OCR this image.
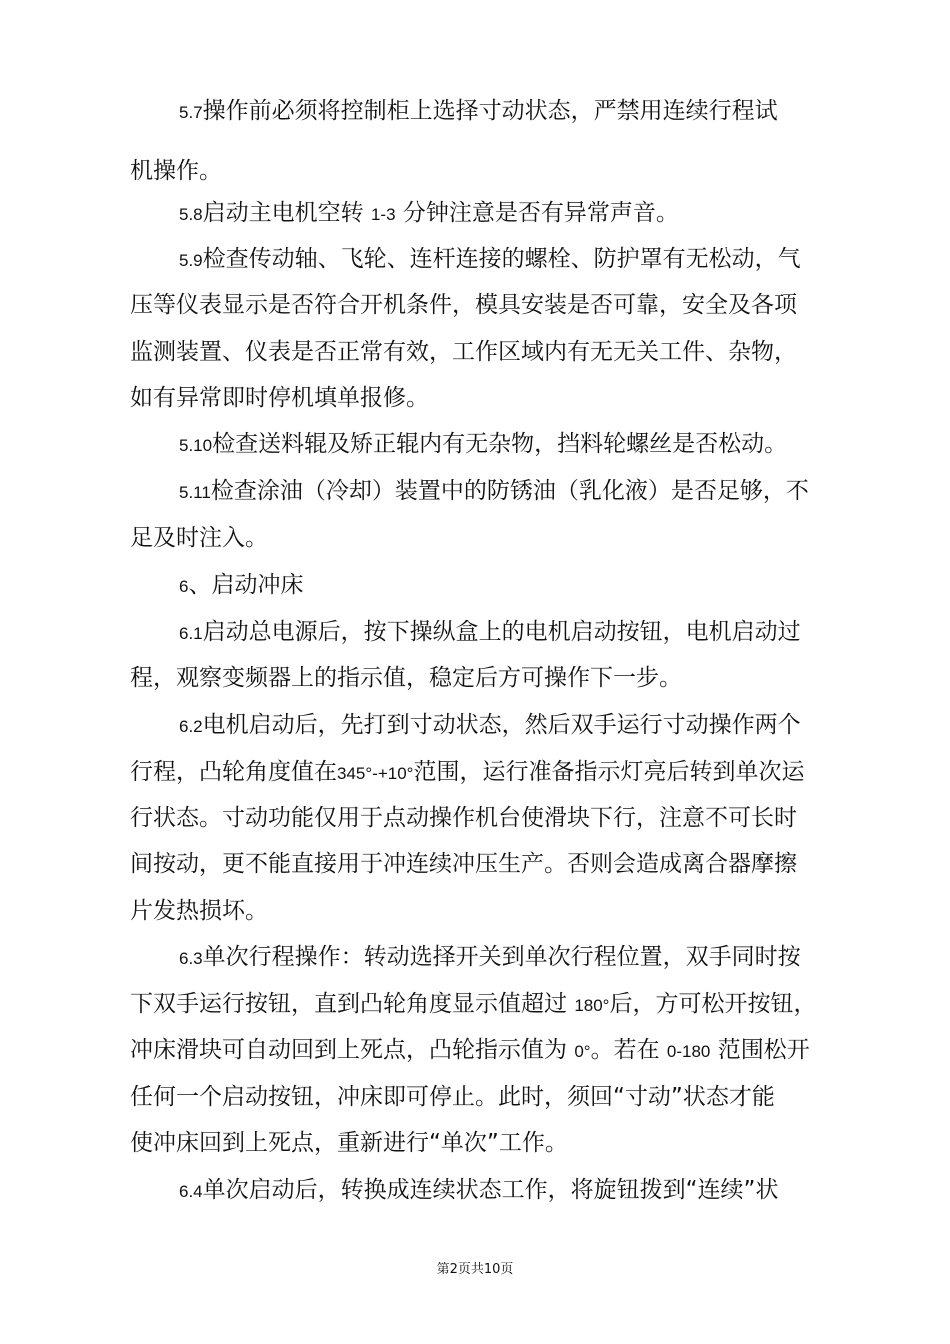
5.7操作前必须将控制柜上选择寸动状态，严禁用连续行程试
机操作。
5.8启动主电机空转 1-3 分钟注意是否有异常声音。
5.9检查传动轴、飞轮、连杆连接的螺栓、防护罩有无松动，气
压等仪表显示是否符合开机条件，模具安装是否可靠，安全及各项
监测装置、仪表是否正常有效，工作区域内有无无关工件、杂物，
如有异常即时停机填单报修。
5.10检查送料辊及矫正辊内有无杂物，挡料轮螺丝是否松动。
5.11检查涂油（冷却）装置中的防锈油（乳化液）是否足够，不
足及时注入。
6、启动冲床
6.1启动总电源后，按下操纵盒上的电机启动按钮，电机启动过
程，观察变频器上的指示值，稳定后方可操作下一步。
6.2电机启动后，先打到寸动状态，然后双手运行寸动操作两个
行程，凸轮角度值在345°-+10°范围，运行准备指示灯亮后转到单次运
行状态。寸动功能仅用于点动操作机台使滑块下行，注意不可长时
间按动，更不能直接用于冲连续冲压生产。否则会造成离合器摩擦
片发热损坏。
6.3单次行程操作：转动选择开关到单次行程位置，双手同时按
下双手运行按钮，直到凸轮角度显示值超过 180°后，方可松开按钮，
冲床滑块可自动回到上死点，凸轮指示值为 0°。若在 0-180 范围松开
任何一个启动按钮，冲床即可停止。此时，须回“寸动”状态才能
使冲床回到上死点，重新进行“单次”工作。
6.4单次启动后，转换成连续状态工作，将旋钮拨到“连续”状
第2页共10页
